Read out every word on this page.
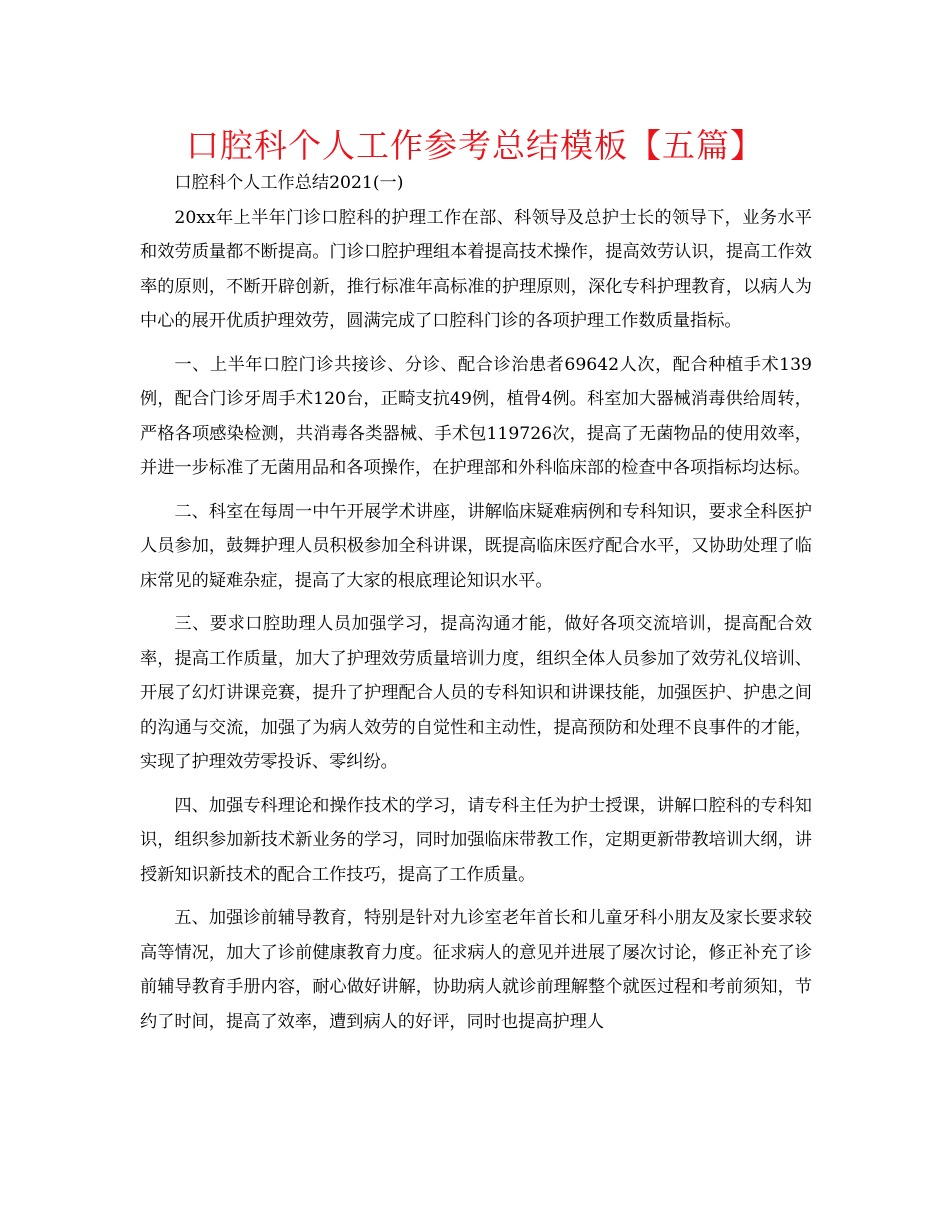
口腔科个人工作参考总结模板【五篇】

口腔科个人工作总结2021(一)

20xx年上半年门诊口腔科的护理工作在部、科领导及总护士长的领导下，业务水平和效劳质量都不断提高。门诊口腔护理组本着提高技术操作，提高效劳认识，提高工作效率的原则，不断开辟创新，推行标准年高标准的护理原则，深化专科护理教育，以病人为中心的展开优质护理效劳，圆满完成了口腔科门诊的各项护理工作数质量指标。

一、上半年口腔门诊共接诊、分诊、配合诊治患者69642人次，配合种植手术139例，配合门诊牙周手术120台，正畸支抗49例，植骨4例。科室加大器械消毒供给周转，严格各项感染检测，共消毒各类器械、手术包119726次，提高了无菌物品的使用效率，并进一步标准了无菌用品和各项操作，在护理部和外科临床部的检查中各项指标均达标。

二、科室在每周一中午开展学术讲座，讲解临床疑难病例和专科知识，要求全科医护人员参加，鼓舞护理人员积极参加全科讲课，既提高临床医疗配合水平，又协助处理了临床常见的疑难杂症，提高了大家的根底理论知识水平。

三、要求口腔助理人员加强学习，提高沟通才能，做好各项交流培训，提高配合效率，提高工作质量，加大了护理效劳质量培训力度，组织全体人员参加了效劳礼仪培训、开展了幻灯讲课竞赛，提升了护理配合人员的专科知识和讲课技能，加强医护、护患之间的沟通与交流，加强了为病人效劳的自觉性和主动性，提高预防和处理不良事件的才能，实现了护理效劳零投诉、零纠纷。

四、加强专科理论和操作技术的学习，请专科主任为护士授课，讲解口腔科的专科知识，组织参加新技术新业务的学习，同时加强临床带教工作，定期更新带教培训大纲，讲授新知识新技术的配合工作技巧，提高了工作质量。

五、加强诊前辅导教育，特别是针对九诊室老年首长和儿童牙科小朋友及家长要求较高等情况，加大了诊前健康教育力度。征求病人的意见并进展了屡次讨论，修正补充了诊前辅导教育手册内容，耐心做好讲解，协助病人就诊前理解整个就医过程和考前须知，节约了时间，提高了效率，遭到病人的好评，同时也提高护理人
